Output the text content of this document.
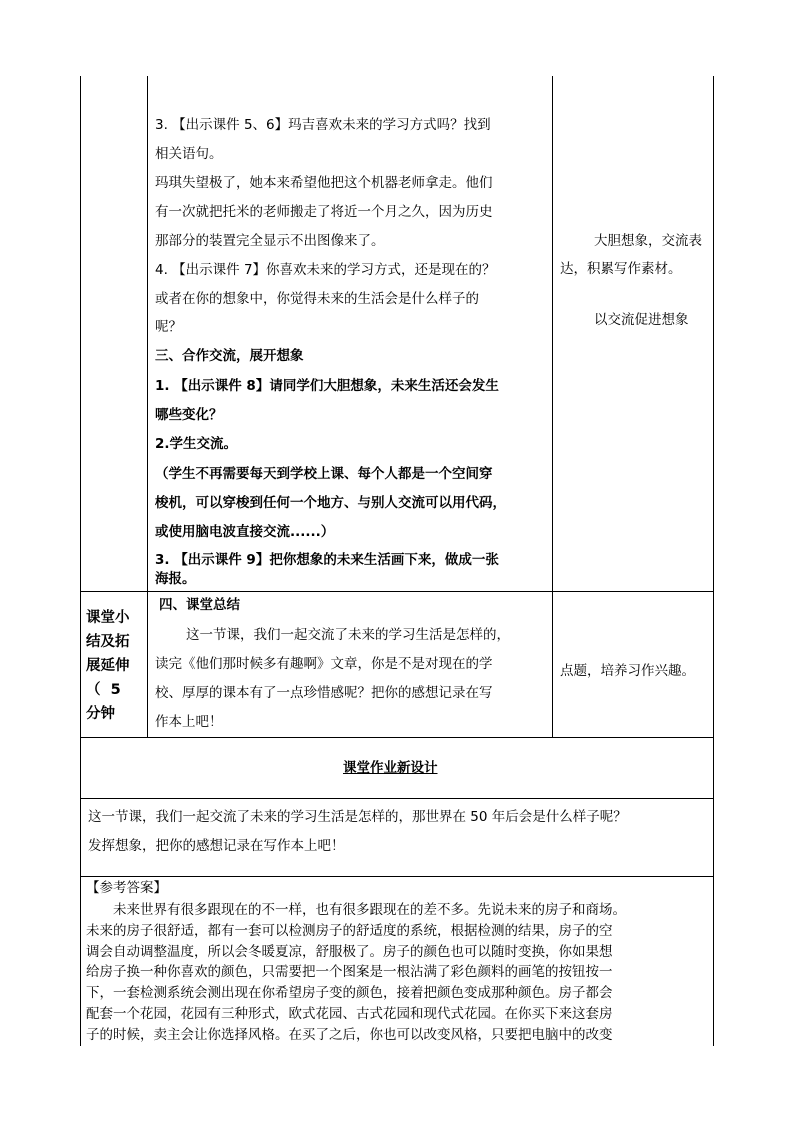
3. 【出示课件 5、6】玛吉喜欢未来的学习方式吗？找到
相关语句。
玛琪失望极了，她本来希望他把这个机器老师拿走。他们
有一次就把托米的老师搬走了将近一个月之久，因为历史
那部分的装置完全显示不出图像来了。
4. 【出示课件 7】你喜欢未来的学习方式，还是现在的？
或者在你的想象中，你觉得未来的生活会是什么样子的
呢？
三、合作交流，展开想象
1. 【出示课件 8】请同学们大胆想象，未来生活还会发生
哪些变化？
2.学生交流。
（学生不再需要每天到学校上课、每个人都是一个空间穿
梭机，可以穿梭到任何一个地方、与别人交流可以用代码，
或使用脑电波直接交流......）
3. 【出示课件 9】把你想象的未来生活画下来，做成一张
海报。
大胆想象，交流表
达，积累写作素材。
以交流促进想象
课堂小
结及拓
展延伸
（  5
分钟
四、课堂总结
这一节课，我们一起交流了未来的学习生活是怎样的，
读完《他们那时候多有趣啊》文章，你是不是对现在的学
校、厚厚的课本有了一点珍惜感呢？把你的感想记录在写
作本上吧！
点题，培养习作兴趣。
课堂作业新设计
这一节课，我们一起交流了未来的学习生活是怎样的，那世界在 50 年后会是什么样子呢？
发挥想象，把你的感想记录在写作本上吧！
【参考答案】
　　未来世界有很多跟现在的不一样，也有很多跟现在的差不多。先说未来的房子和商场。
未来的房子很舒适，都有一套可以检测房子的舒适度的系统，根据检测的结果，房子的空
调会自动调整温度，所以会冬暖夏凉，舒服极了。房子的颜色也可以随时变换，你如果想
给房子换一种你喜欢的颜色，只需要把一个图案是一根沾满了彩色颜料的画笔的按钮按一
下，一套检测系统会测出现在你希望房子变的颜色，接着把颜色变成那种颜色。房子都会
配套一个花园，花园有三种形式，欧式花园、古式花园和现代式花园。在你买下来这套房
子的时候，卖主会让你选择风格。在买了之后，你也可以改变风格，只要把电脑中的改变
